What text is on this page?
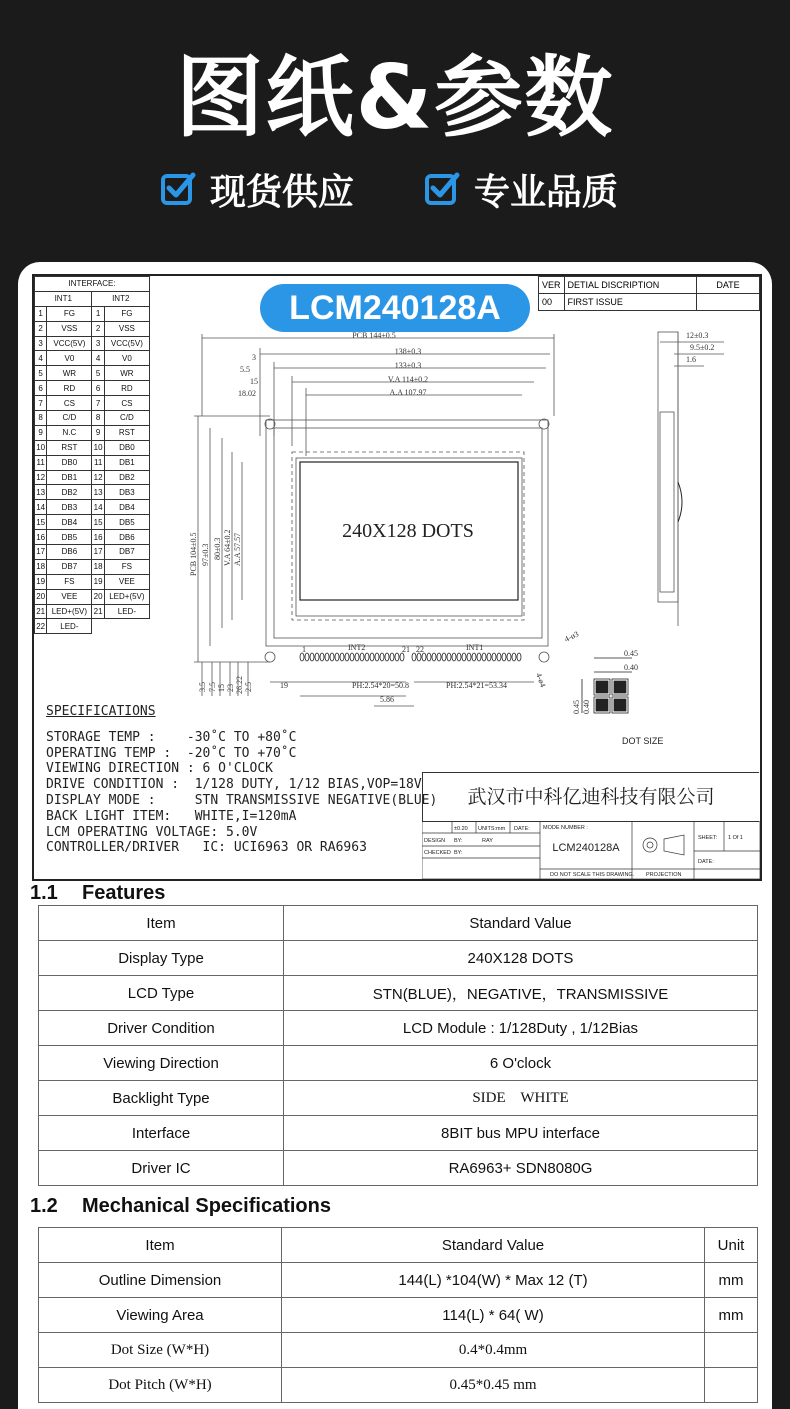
图纸&参数
现货供应	专业品质
INTERFACE:			
INT1		INT2	
1	FG	1	FG
2	VSS	2	VSS
3	VCC(5V)	3	VCC(5V)
4	V0	4	V0
5	WR	5	WR
6	RD	6	RD
7	CS	7	CS
8	C/D	8	C/D
9	N.C	9	RST
10	RST	10	DB0
11	DB0	11	DB1
12	DB1	12	DB2
13	DB2	13	DB3
14	DB3	14	DB4
15	DB4	15	DB5
16	DB5	16	DB6
17	DB6	17	DB7
18	DB7	18	FS
19	FS	19	VEE
20	VEE	20	LED+(5V)
21	LED+(5V)	21	LED-
22	LED-		
LCM240128A
VER	DETIAL DISCRIPTION	DATE
00	FIRST ISSUE	
PCB 144±0.5
138±0.3
133±0.3
V.A 114±0.2
A.A 107.97
3
5.5
15
18.02
240X128 DOTS
PCB 104±0.5 97±0.3 80±0.3 V.A 64±0.2 A.A 57.57
3.5 7.5 15 23 26.22 2.5
INT2	INT1
21
1	22
PH:2.54*20=50.8	PH:2.54*21=53.34
19
5.86
4-ø3
4-ø4
12±0.3
9.5±0.2
1.6
0.45
0.40
0.45 0.40
DOT SIZE
SPECIFICATIONS
STORAGE TEMP :    -30˚C TO +80˚C
OPERATING TEMP :  -20˚C TO +70˚C
VIEWING DIRECTION : 6 O'CLOCK
DRIVE CONDITION :  1/128 DUTY, 1/12 BIAS,VOP=18V
DISPLAY MODE :     STN TRANSMISSIVE NEGATIVE(BLUE)
BACK LIGHT ITEM:   WHITE,I=120mA
LCM OPERATING VOLTAGE: 5.0V
CONTROLLER/DRIVER   IC: UCI6963 OR RA6963
武汉市中科亿迪科技有限公司
±0.20 UNITS:mm DATE: MODE NUMBER :
DESIGN BY:	RAY
CHECKED BY:	LCM240128A
SHEET: 1 Of 1
DATE:
DO NOT SCALE THIS DRAWING. PROJECTION
1.1 Features
Item	Standard Value
Display Type	240X128 DOTS
LCD Type	STN(BLUE)，NEGATIVE，TRANSMISSIVE
Driver Condition	LCD Module : 1/128Duty , 1/12Bias
Viewing Direction	6 O'clock
Backlight Type	SIDE    WHITE
Interface	8BIT bus MPU interface
Driver IC	RA6963+ SDN8080G
1.2 Mechanical Specifications
Item	Standard Value	Unit
Outline Dimension	144(L) *104(W) * Max 12 (T)	mm
Viewing Area	114(L) * 64( W)	mm
Dot Size (W*H)	0.4*0.4mm	
Dot Pitch (W*H)	0.45*0.45 mm	
